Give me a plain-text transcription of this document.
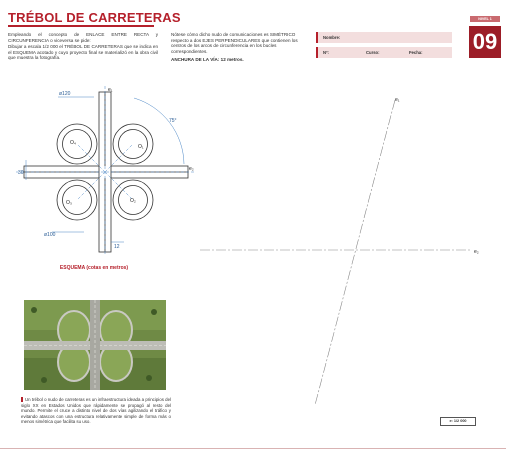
TRÉBOL DE CARRETERAS	NIVEL 1
09

Empleando el concepto de ENLACE ENTRE RECTA y CIRCUNFERENCIA o viceversa se pide:

Dibujar a escala 1/2 000 el TRÉBOL DE CARRETERAS que se indica en el ESQUEMA acotado y cuyo proyecto final se materializó en la obra civil que muestra la fotografía.

Nótese cómo dicho nudo de comunicaciones es SIMÉTRICO respecto a dos EJES PERPENDICULARES que contienen los centros de los arcos de circunferencia en los bucles correspondientes.

ANCHURA DE LA VÍA: 12 metros.

Nombre:
Nº:	Curso:	Fecha:
ø120
75°
30
ø100
12
e₁
e₂
O₄
O₁
O₃	O₂
ESQUEMA (cotas en metros)
Un trébol o nudo de carreteras es un infraestructura ideada a principios del siglo XX en Estados Unidos que rápidamente se propagó al resto del mundo. Permite el cruce a distinto nivel de dos vías agilizando el tráfico y evitando atascos con una estructura relativamente simple de forma más o menos simétrica que facilita su uso.
e₁
e₂
e: 1/2 000
